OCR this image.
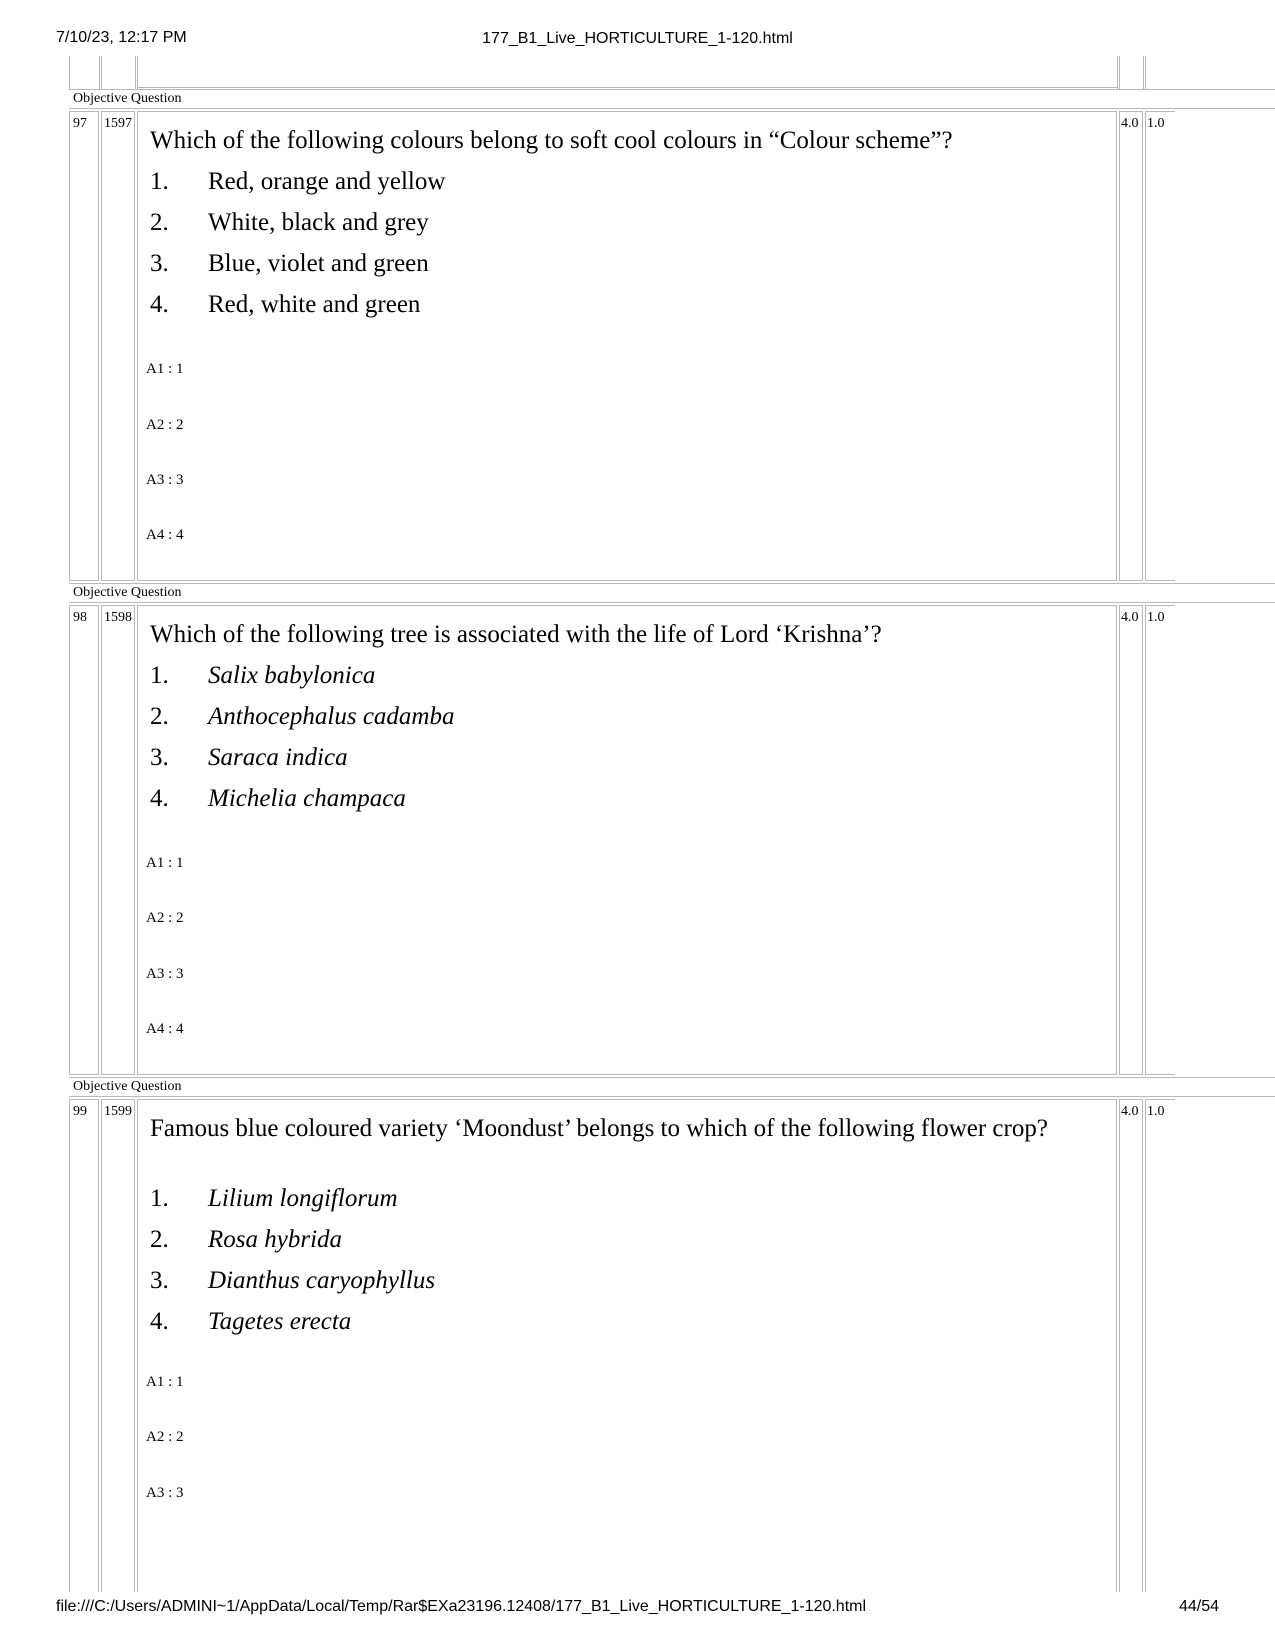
7/10/23, 12:17 PM	177_B1_Live_HORTICULTURE_1-120.html
Objective Question
97	1597
Which of the following colours belong to soft cool colours in “Colour scheme”?
1. Red, orange and yellow
2. White, black and grey
3. Blue, violet and green
4. Red, white and green
A1 : 1
A2 : 2
A3 : 3
A4 : 4
4.0 1.0
Objective Question
98	1598
Which of the following tree is associated with the life of Lord ‘Krishna’?
1. Salix babylonica
2. Anthocephalus cadamba
3. Saraca indica
4. Michelia champaca
A1 : 1
A2 : 2
A3 : 3
A4 : 4
4.0 1.0
Objective Question
99	1599
Famous blue coloured variety ‘Moondust’ belongs to which of the following flower crop?
1. Lilium longiflorum
2. Rosa hybrida
3. Dianthus caryophyllus
4. Tagetes erecta
A1 : 1
A2 : 2
A3 : 3
4.0 1.0
file:///C:/Users/ADMINI~1/AppData/Local/Temp/Rar$EXa23196.12408/177_B1_Live_HORTICULTURE_1-120.html	44/54
